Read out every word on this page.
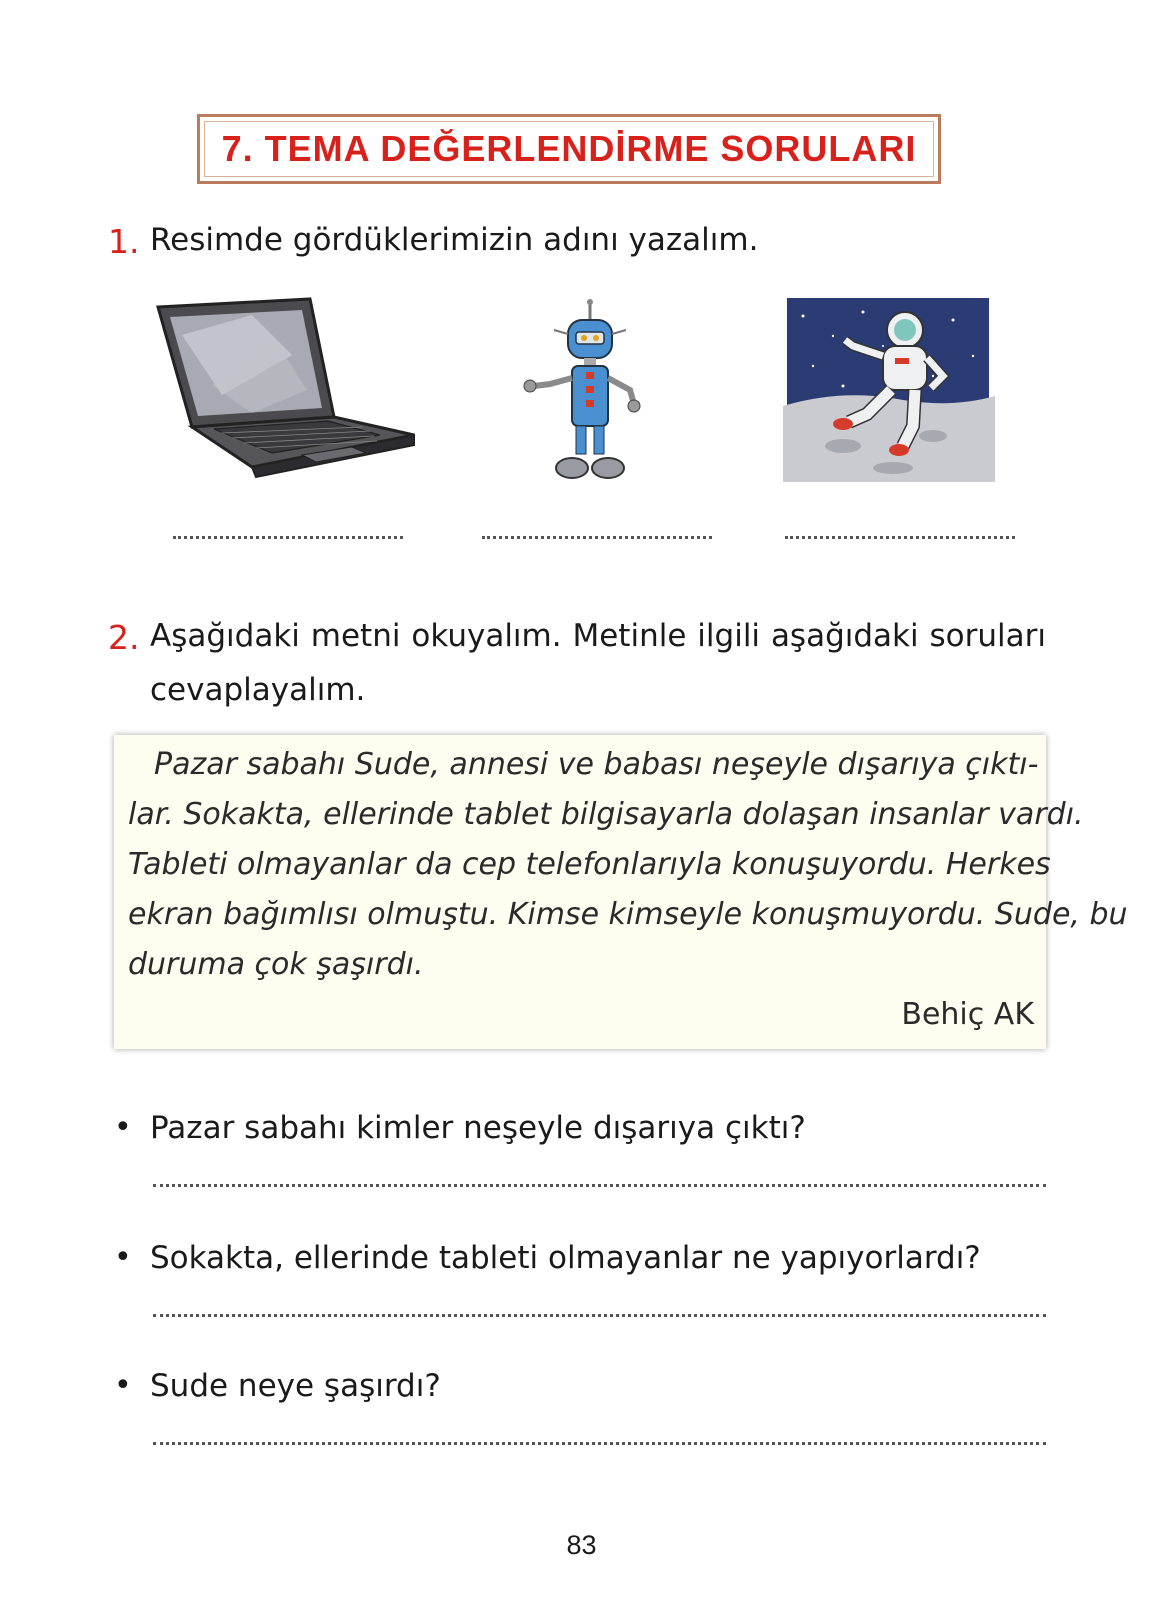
7. TEMA DEĞERLENDİRME SORULARI
1. Resimde gördüklerimizin adını yazalım.
2. Aşağıdaki metni okuyalım. Metinle ilgili aşağıdaki soruları
cevaplayalım.
Pazar sabahı Sude, annesi ve babası neşeyle dışarıya çıktı-
lar. Sokakta, ellerinde tablet bilgisayarla dolaşan insanlar vardı.
Tableti olmayanlar da cep telefonlarıyla konuşuyordu. Herkes
ekran bağımlısı olmuştu. Kimse kimseyle konuşmuyordu. Sude, bu
duruma çok şaşırdı.
Behiç AK
• Pazar sabahı kimler neşeyle dışarıya çıktı?
• Sokakta, ellerinde tableti olmayanlar ne yapıyorlardı?
• Sude neye şaşırdı?
83
